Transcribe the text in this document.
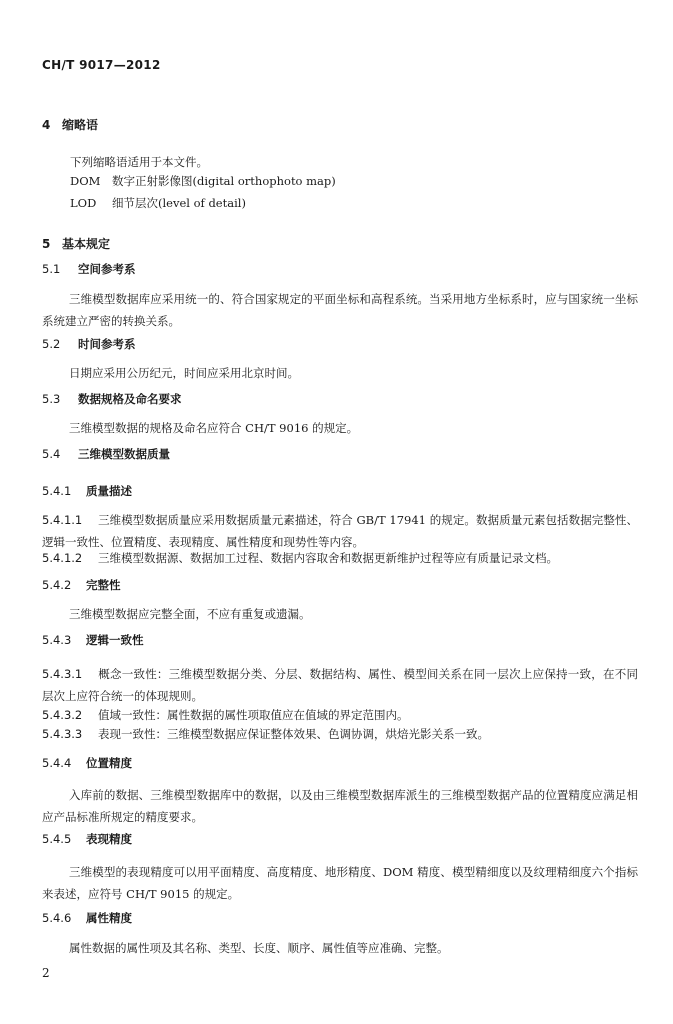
CH/T 9017—2012
4 缩略语
下列缩略语适用于本文件。
DOM 数字正射影像图(digital orthophoto map)
LOD 细节层次(level of detail)
5 基本规定
5.1 空间参考系
三维模型数据库应采用统一的、符合国家规定的平面坐标和高程系统。当采用地方坐标系时，应与国家统一坐标系统建立严密的转换关系。
5.2 时间参考系
日期应采用公历纪元，时间应采用北京时间。
5.3 数据规格及命名要求
三维模型数据的规格及命名应符合 CH/T 9016 的规定。
5.4 三维模型数据质量
5.4.1 质量描述
5.4.1.1 三维模型数据质量应采用数据质量元素描述，符合 GB/T 17941 的规定。数据质量元素包括数据完整性、逻辑一致性、位置精度、表现精度、属性精度和现势性等内容。
5.4.1.2 三维模型数据源、数据加工过程、数据内容取舍和数据更新维护过程等应有质量记录文档。
5.4.2 完整性
三维模型数据应完整全面，不应有重复或遗漏。
5.4.3 逻辑一致性
5.4.3.1 概念一致性：三维模型数据分类、分层、数据结构、属性、模型间关系在同一层次上应保持一致，在不同层次上应符合统一的体现规则。
5.4.3.2 值域一致性：属性数据的属性项取值应在值域的界定范围内。
5.4.3.3 表现一致性：三维模型数据应保证整体效果、色调协调，烘焙光影关系一致。
5.4.4 位置精度
入库前的数据、三维模型数据库中的数据，以及由三维模型数据库派生的三维模型数据产品的位置精度应满足相应产品标准所规定的精度要求。
5.4.5 表现精度
三维模型的表现精度可以用平面精度、高度精度、地形精度、DOM 精度、模型精细度以及纹理精细度六个指标来表述，应符号 CH/T 9015 的规定。
5.4.6 属性精度
属性数据的属性项及其名称、类型、长度、顺序、属性值等应准确、完整。
2
